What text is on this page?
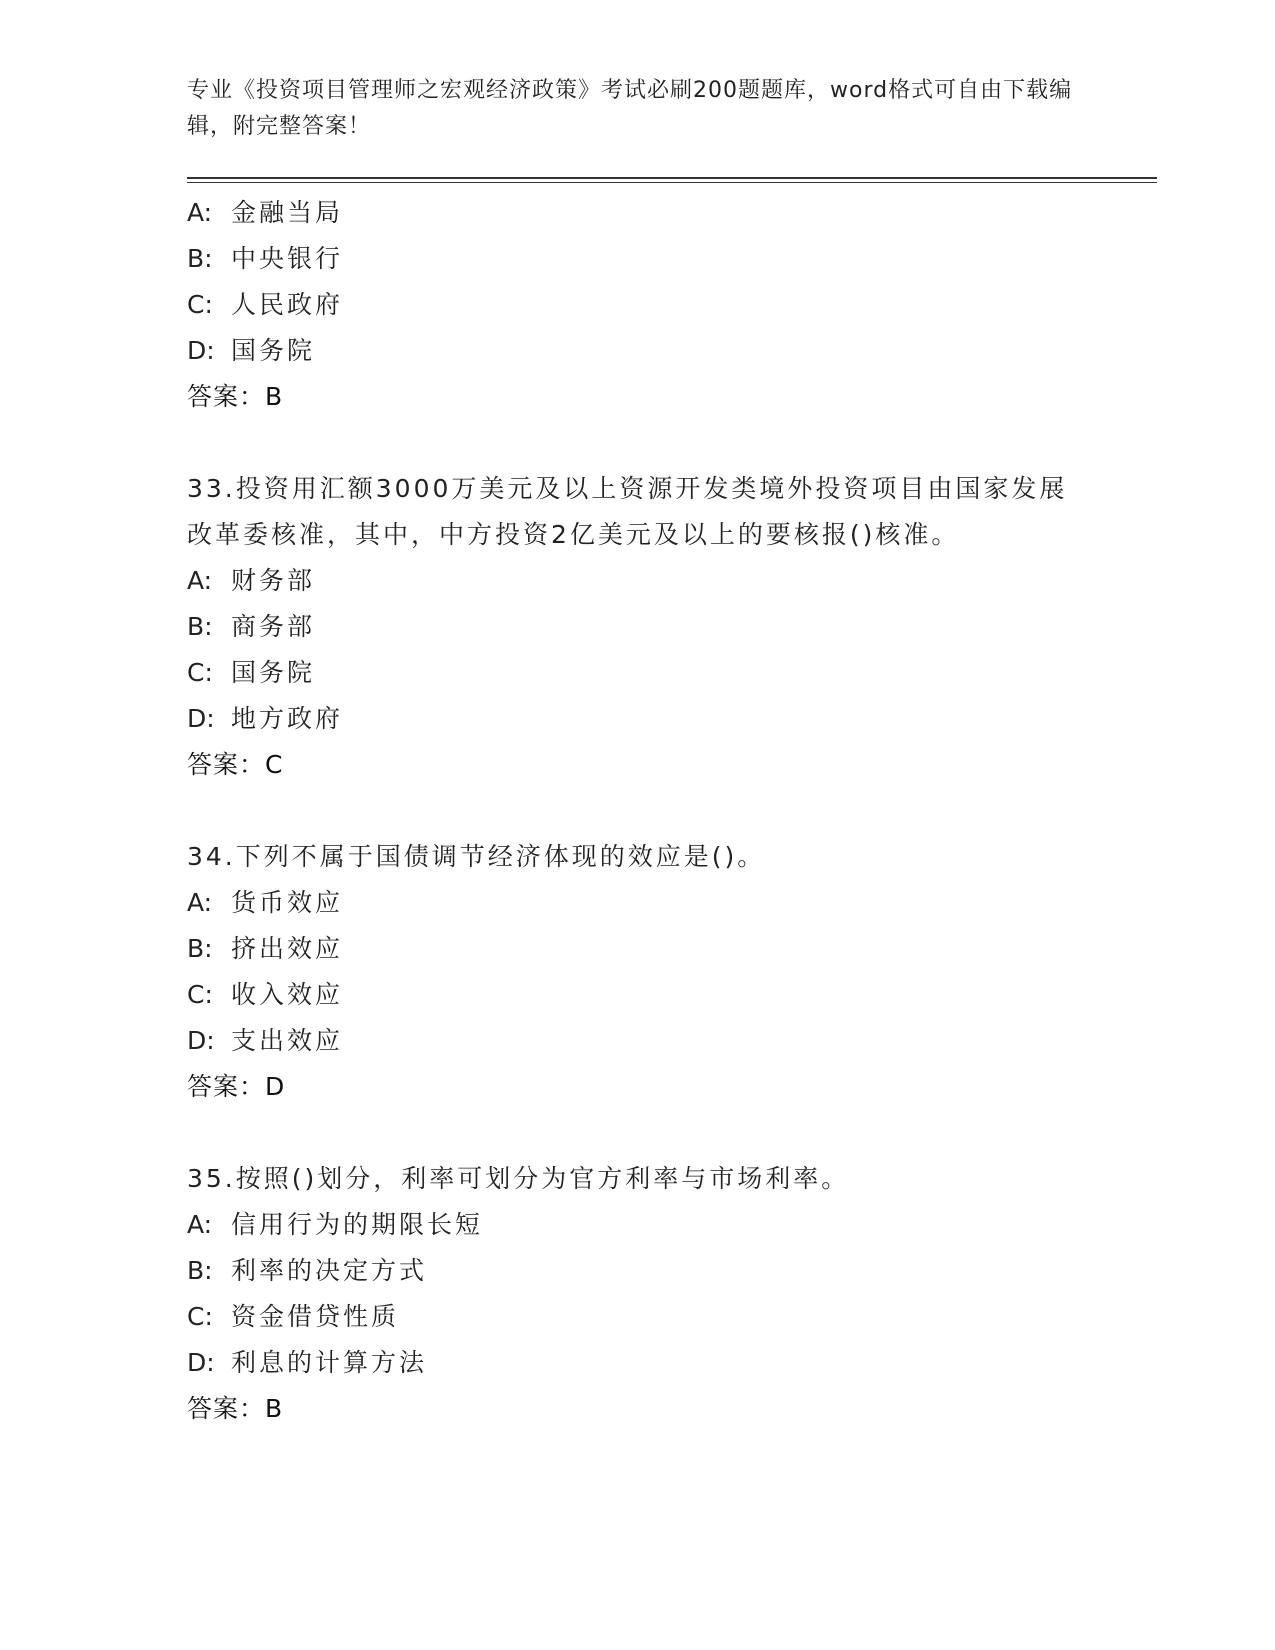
专业《投资项目管理师之宏观经济政策》考试必刷200题题库，word格式可自由下载编辑，附完整答案！
A: 金融当局
B: 中央银行
C: 人民政府
D: 国务院
答案：B

33.投资用汇额3000万美元及以上资源开发类境外投资项目由国家发展改革委核准，其中，中方投资2亿美元及以上的要核报()核准。

A: 财务部
B: 商务部
C: 国务院
D: 地方政府
答案：C

34.下列不属于国债调节经济体现的效应是()。

A: 货币效应
B: 挤出效应
C: 收入效应
D: 支出效应
答案：D

35.按照()划分，利率可划分为官方利率与市场利率。

A: 信用行为的期限长短
B: 利率的决定方式
C: 资金借贷性质
D: 利息的计算方法
答案：B
